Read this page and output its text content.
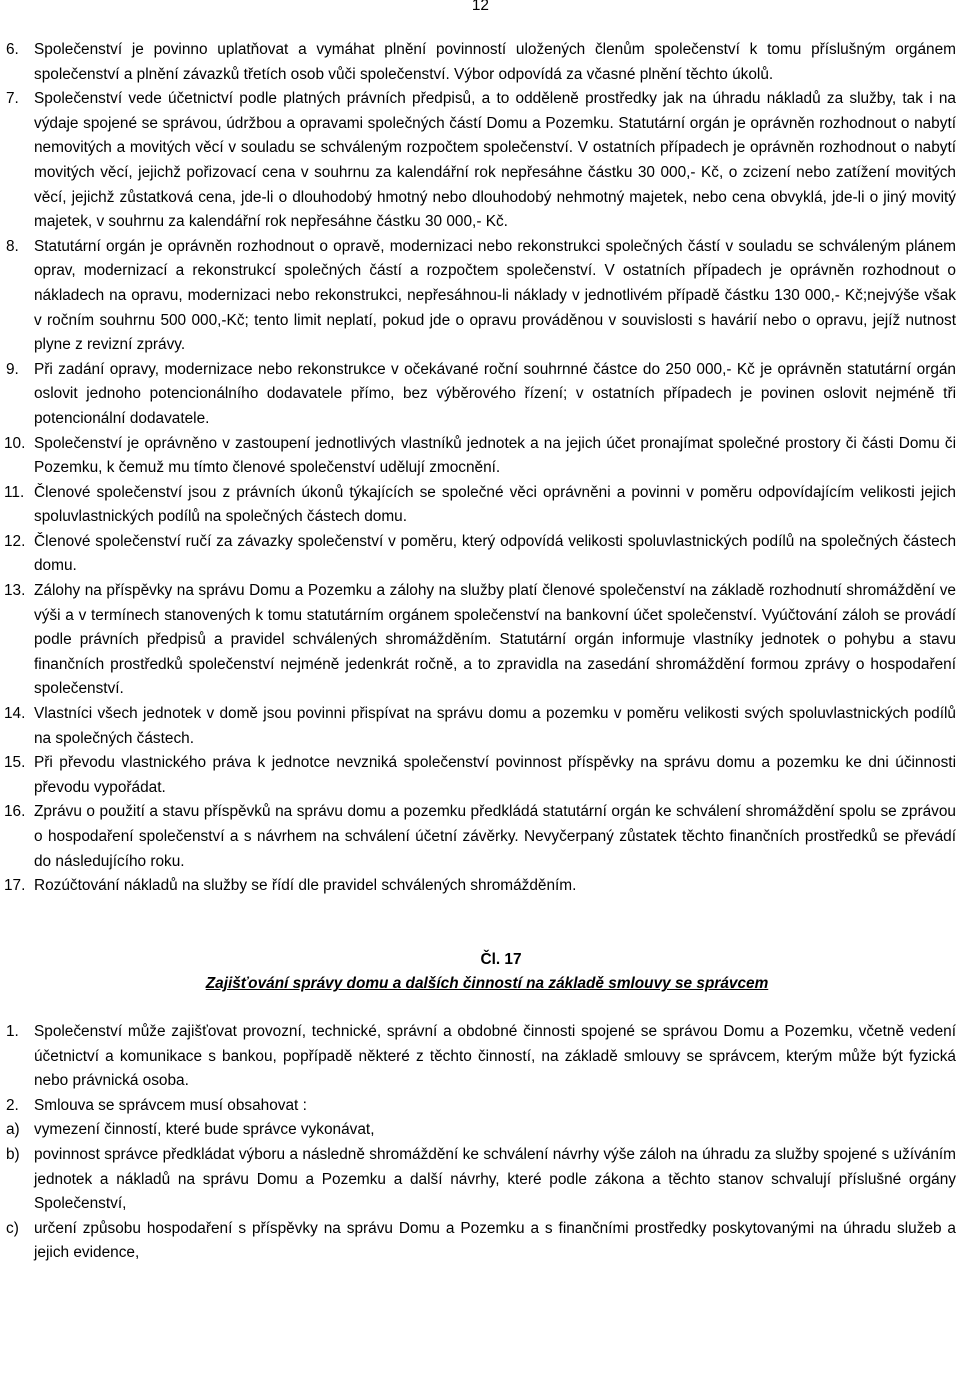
12
6. Společenství je povinno uplatňovat a vymáhat plnění povinností uložených členům společenství k tomu příslušným orgánem společenství a plnění závazků třetích osob vůči společenství. Výbor odpovídá za včasné plnění těchto úkolů.
7. Společenství vede účetnictví podle platných právních předpisů, a to odděleně prostředky jak na úhradu nákladů za služby, tak i na výdaje spojené se správou, údržbou a opravami společných částí Domu a Pozemku. Statutární orgán je oprávněn rozhodnout o nabytí nemovitých a movitých věcí v souladu se schváleným rozpočtem společenství. V ostatních případech je oprávněn rozhodnout o nabytí movitých věcí, jejichž pořizovací cena v souhrnu za kalendářní rok nepřesáhne částku 30 000,- Kč, o zcizení nebo zatížení movitých věcí, jejichž zůstatková cena, jde-li o dlouhodobý hmotný nebo dlouhodobý nehmotný majetek, nebo cena obvyklá, jde-li o jiný movitý majetek, v souhrnu za kalendářní rok nepřesáhne částku 30 000,- Kč.
8. Statutární orgán je oprávněn rozhodnout o opravě, modernizaci nebo rekonstrukci společných částí v souladu se schváleným plánem oprav, modernizací a rekonstrukcí společných částí a rozpočtem společenství. V ostatních případech je oprávněn rozhodnout o nákladech na opravu, modernizaci nebo rekonstrukci, nepřesáhnou-li náklady v jednotlivém případě částku 130 000,- Kč;nejvýše však v ročním souhrnu 500 000,-Kč; tento limit neplatí, pokud jde o opravu prováděnou v souvislosti s havárií nebo o opravu, jejíž nutnost plyne z revizní zprávy.
9. Při zadání opravy, modernizace nebo rekonstrukce v očekávané roční souhrnné částce do 250 000,- Kč je oprávněn statutární orgán oslovit jednoho potencionálního dodavatele přímo, bez výběrového řízení; v ostatních případech je povinen oslovit nejméně tři potencionální dodavatele.
10. Společenství je oprávněno v zastoupení jednotlivých vlastníků jednotek a na jejich účet pronajímat společné prostory či části Domu či Pozemku, k čemuž mu tímto členové společenství udělují zmocnění.
11. Členové společenství jsou z právních úkonů týkajících se společné věci oprávněni a povinni v poměru odpovídajícím velikosti jejich spoluvlastnických podílů na společných částech domu.
12. Členové společenství ručí za závazky společenství v poměru, který odpovídá velikosti spoluvlastnických podílů na společných částech domu.
13. Zálohy na příspěvky na správu Domu a Pozemku a zálohy na služby platí členové společenství na základě rozhodnutí shromáždění ve výši a v termínech stanovených k tomu statutárním orgánem společenství na bankovní účet společenství. Vyúčtování záloh se provádí podle právních předpisů a pravidel schválených shromážděním. Statutární orgán informuje vlastníky jednotek o pohybu a stavu finančních prostředků společenství nejméně jedenkrát ročně, a to zpravidla na zasedání shromáždění formou zprávy o hospodaření společenství.
14. Vlastníci všech jednotek v domě jsou povinni přispívat na správu domu a pozemku v poměru velikosti svých spoluvlastnických podílů na společných částech.
15. Při převodu vlastnického práva k jednotce nevzniká společenství povinnost příspěvky na správu domu a pozemku ke dni účinnosti převodu vypořádat.
16. Zprávu o použití a stavu příspěvků na správu domu a pozemku předkládá statutární orgán ke schválení shromáždění spolu se zprávou o hospodaření společenství a s návrhem na schválení účetní závěrky. Nevyčerpaný zůstatek těchto finančních prostředků se převádí do následujícího roku.
17. Rozúčtování nákladů na služby se řídí dle pravidel schválených shromážděním.
Čl. 17
Zajišťování správy domu a dalších činností na základě smlouvy se správcem
1. Společenství může zajišťovat provozní, technické, správní a obdobné činnosti spojené se správou Domu a Pozemku, včetně vedení účetnictví a komunikace s bankou, popřípadě některé z těchto činností, na základě smlouvy se správcem, kterým může být fyzická nebo právnická osoba.
2. Smlouva se správcem musí obsahovat :
a) vymezení činností, které bude správce vykonávat,
b) povinnost správce předkládat výboru a následně shromáždění ke schválení návrhy výše záloh na úhradu za služby spojené s užíváním jednotek a nákladů na správu Domu a Pozemku a další návrhy, které podle zákona a těchto stanov schvalují příslušné orgány Společenství,
c) určení způsobu hospodaření s příspěvky na správu Domu a Pozemku a s finančními prostředky poskytovanými na úhradu služeb a jejich evidence,
